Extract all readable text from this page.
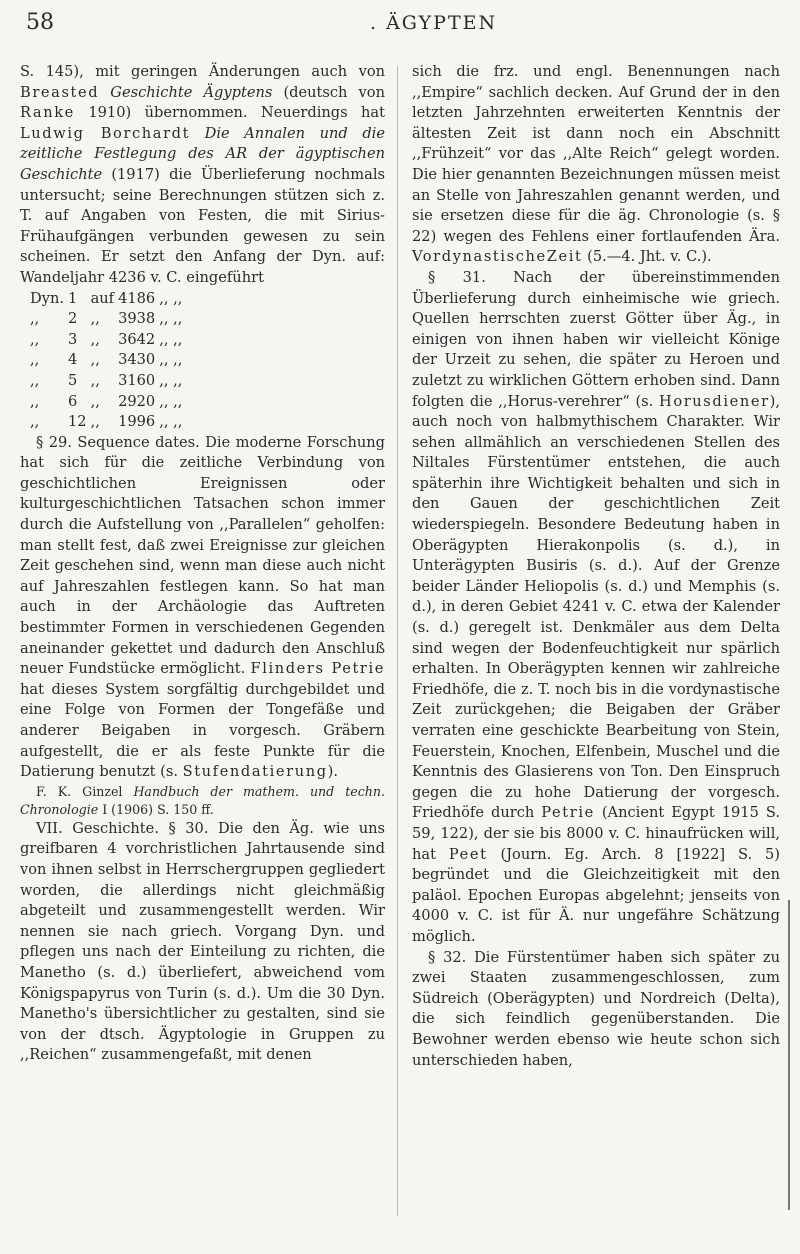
58	. ÄGYPTEN

S. 145), mit geringen Änderungen auch von Breasted Geschichte Ägyptens (deutsch von Ranke 1910) übernommen. Neuerdings hat Ludwig Borchardt Die Annalen und die zeitliche Festlegung des AR der ägyptischen Geschichte (1917) die Überlieferung nochmals untersucht; seine Berechnungen stützen sich z. T. auf Angaben von Festen, die mit Sirius-Frühaufgängen verbunden gewesen zu sein scheinen. Er setzt den Anfang der Dyn. auf: Wandeljahr 4236 v. C. eingeführt

Dyn.	1	auf	4186	,, ,,
,,	2	,,	3938	,, ,,
,,	3	,,	3642	,, ,,
,,	4	,,	3430	,, ,,
,,	5	,,	3160	,, ,,
,,	6	,,	2920	,, ,,
,,	12	,,	1996	,, ,,

§ 29. Sequence dates. Die moderne Forschung hat sich für die zeitliche Verbindung von geschichtlichen Ereignissen oder kulturgeschichtlichen Tatsachen schon immer durch die Aufstellung von ,,Parallelen“ geholfen: man stellt fest, daß zwei Ereignisse zur gleichen Zeit geschehen sind, wenn man diese auch nicht auf Jahreszahlen festlegen kann. So hat man auch in der Archäologie das Auftreten bestimmter Formen in verschiedenen Gegenden aneinander gekettet und dadurch den Anschluß neuer Fundstücke ermöglicht. Flinders Petrie hat dieses System sorgfältig durchgebildet und eine Folge von Formen der Tongefäße und anderer Beigaben in vorgesch. Gräbern aufgestellt, die er als feste Punkte für die Datierung benutzt (s. Stufendatierung).

F. K. Ginzel Handbuch der mathem. und techn. Chronologie I (1906) S. 150 ff.

VII. Geschichte. § 30. Die den Äg. wie uns greifbaren 4 vorchristlichen Jahrtausende sind von ihnen selbst in Herrschergruppen gegliedert worden, die allerdings nicht gleichmäßig abgeteilt und zusammengestellt werden. Wir nennen sie nach griech. Vorgang Dyn. und pflegen uns nach der Einteilung zu richten, die Manetho (s. d.) überliefert, abweichend vom Königspapyrus von Turin (s. d.). Um die 30 Dyn. Manetho's übersichtlicher zu gestalten, sind sie von der dtsch. Ägyptologie in Gruppen zu ,,Reichen“ zusammengefaßt, mit denen

sich die frz. und engl. Benennungen nach ,,Empire“ sachlich decken. Auf Grund der in den letzten Jahrzehnten erweiterten Kenntnis der ältesten Zeit ist dann noch ein Abschnitt ,,Frühzeit“ vor das ,,Alte Reich“ gelegt worden. Die hier genannten Bezeichnungen müssen meist an Stelle von Jahreszahlen genannt werden, und sie ersetzen diese für die äg. Chronologie (s. § 22) wegen des Fehlens einer fortlaufenden Ära. VordynastischeZeit (5.—4. Jht. v. C.).

§ 31. Nach der übereinstimmenden Überlieferung durch einheimische wie griech. Quellen herrschten zuerst Götter über Äg., in einigen von ihnen haben wir vielleicht Könige der Urzeit zu sehen, die später zu Heroen und zuletzt zu wirklichen Göttern erhoben sind. Dann folgten die ,,Horus-verehrer“ (s. Horusdiener), auch noch von halbmythischem Charakter. Wir sehen allmählich an verschiedenen Stellen des Niltales Fürstentümer entstehen, die auch späterhin ihre Wichtigkeit behalten und sich in den Gauen der geschichtlichen Zeit wiederspiegeln. Besondere Bedeutung haben in Oberägypten Hierakonpolis (s. d.), in Unterägypten Busiris (s. d.). Auf der Grenze beider Länder Heliopolis (s. d.) und Memphis (s. d.), in deren Gebiet 4241 v. C. etwa der Kalender (s. d.) geregelt ist. Denkmäler aus dem Delta sind wegen der Bodenfeuchtigkeit nur spärlich erhalten. In Oberägypten kennen wir zahlreiche Friedhöfe, die z. T. noch bis in die vordynastische Zeit zurückgehen; die Beigaben der Gräber verraten eine geschickte Bearbeitung von Stein, Feuerstein, Knochen, Elfenbein, Muschel und die Kenntnis des Glasierens von Ton. Den Einspruch gegen die zu hohe Datierung der vorgesch. Friedhöfe durch Petrie (Ancient Egypt 1915 S. 59, 122), der sie bis 8000 v. C. hinaufrücken will, hat Peet (Journ. Eg. Arch. 8 [1922] S. 5) begründet und die Gleichzeitigkeit mit den paläol. Epochen Europas abgelehnt; jenseits von 4000 v. C. ist für Ä. nur ungefähre Schätzung möglich.

§ 32. Die Fürstentümer haben sich später zu zwei Staaten zusammengeschlossen, zum Südreich (Oberägypten) und Nordreich (Delta), die sich feindlich gegenüberstanden. Die Bewohner werden ebenso wie heute schon sich unterschieden haben,
